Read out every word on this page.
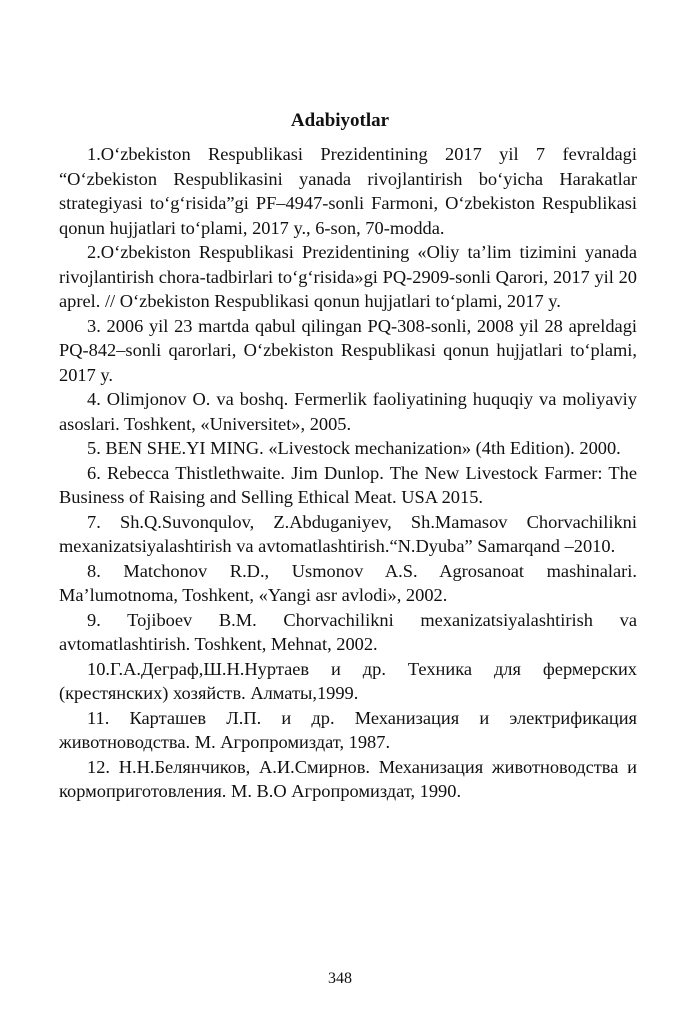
Adabiyotlar

1.O‘zbekiston Respublikasi Prezidentining 2017 yil 7 fevraldagi “O‘zbekiston Respublikasini yanada rivojlantirish bo‘yicha Harakatlar strategiyasi to‘g‘risida”gi PF–4947-sonli Farmoni, O‘zbekiston Respublikasi qonun hujjatlari to‘plami, 2017 y., 6-son, 70-modda.

2.O‘zbekiston Respublikasi Prezidentining «Oliy ta’lim tizimini yanada rivojlantirish chora-tadbirlari to‘g‘risida»gi PQ-2909-sonli Qarori, 2017 yil 20 aprel. // O‘zbekiston Respublikasi qonun hujjatlari to‘plami, 2017 y.

3. 2006 yil 23 martda qabul qilingan PQ-308-sonli, 2008 yil 28 apreldagi PQ-842–sonli qarorlari, O‘zbekiston Respublikasi qonun hujjatlari to‘plami, 2017 y.

4. Olimjonov O. va boshq. Fermerlik faoliyatining huquqiy va moliyaviy asoslari. Toshkent, «Universitet», 2005.

5. BEN SHE.YI MING. «Livestock mechanization» (4th Edition). 2000.

6. Rebecca Thistlethwaite. Jim Dunlop. The New Livestock Farmer: The Business of Raising and Selling Ethical Meat. USA 2015.

7. Sh.Q.Suvonqulov, Z.Abduganiyev, Sh.Mamasov Chorvachilikni mexanizatsiyalashtirish va avtomatlashtirish.“N.Dyuba” Samarqand –2010.

8. Matchonov R.D., Usmonov A.S. Agrosanoat mashinalari. Ma’lumotnoma, Toshkent, «Yangi asr avlodi», 2002.

9. Tojiboev B.M. Chorvachilikni mexanizatsiyalashtirish va avtomatlashtirish. Toshkent, Mehnat, 2002.

10.Г.А.Деграф,Ш.Н.Нуртаев и др. Техника для фермерских (крестянских) хозяйств. Алматы,1999.

11. Карташев Л.П. и др. Механизация и электрификация животноводства. М. Агропромиздат, 1987.

12. Н.Н.Белянчиков, А.И.Смирнов. Механизация животноводства и кормоприготовления. М. В.О Агропромиздат, 1990.

348
